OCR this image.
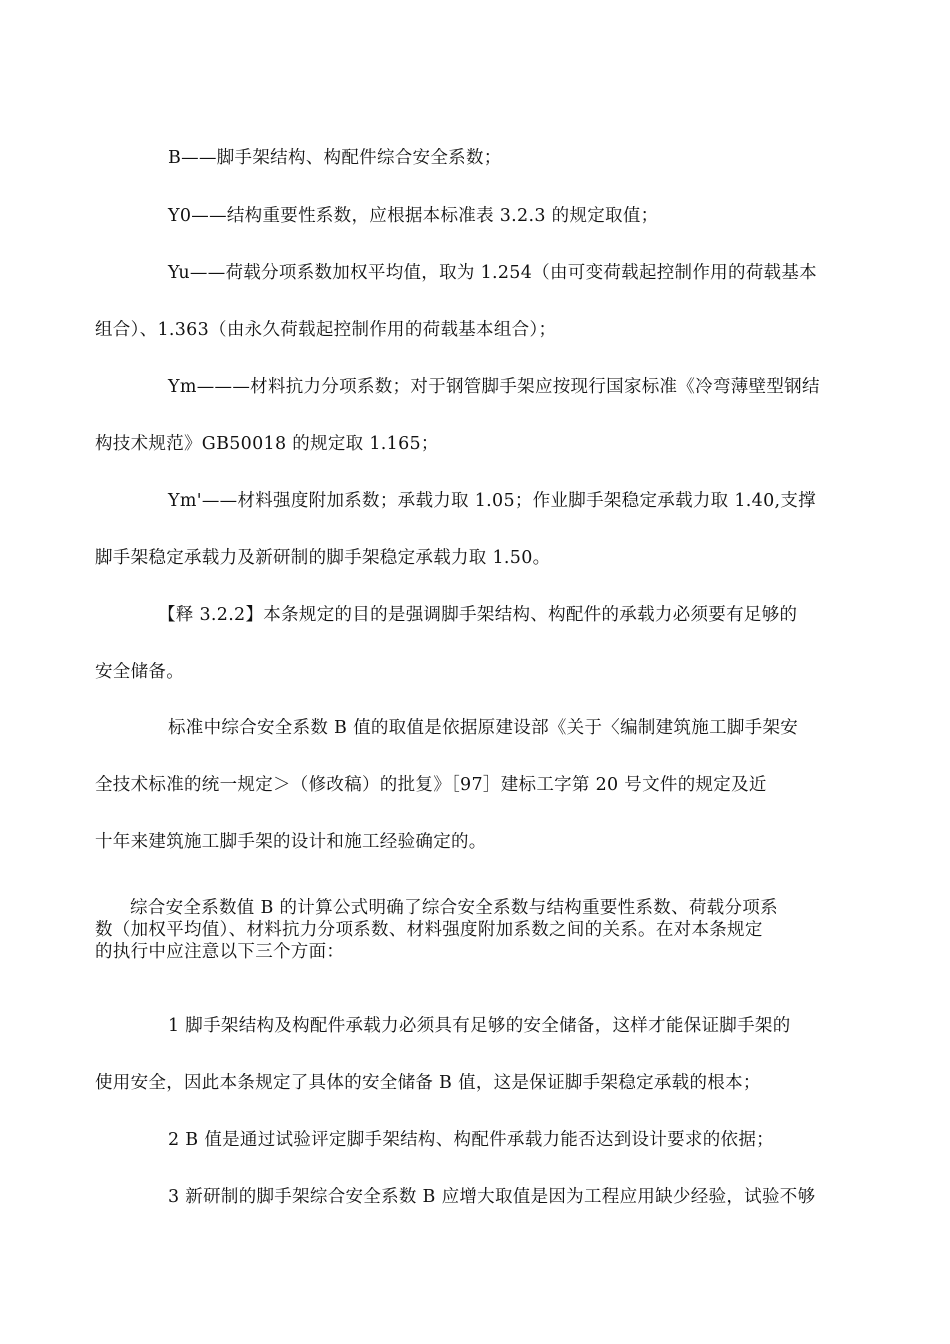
B——脚手架结构、构配件综合安全系数；

Y0——结构重要性系数，应根据本标准表 3.2.3 的规定取值；

Yu——荷载分项系数加权平均值，取为 1.254（由可变荷载起控制作用的荷载基本

组合）、1.363（由永久荷载起控制作用的荷载基本组合）；

Ym———材料抗力分项系数；对于钢管脚手架应按现行国家标准《冷弯薄壁型钢结

构技术规范》GB50018 的规定取 1.165；

Ym'——材料强度附加系数；承载力取 1.05；作业脚手架稳定承载力取 1.40,支撑

脚手架稳定承载力及新研制的脚手架稳定承载力取 1.50。

【释 3.2.2】本条规定的目的是强调脚手架结构、构配件的承载力必须要有足够的

安全储备。

标准中综合安全系数 B 值的取值是依据原建设部《关于〈编制建筑施工脚手架安

全技术标准的统一规定＞（修改稿）的批复》［97］建标工字第 20 号文件的规定及近

十年来建筑施工脚手架的设计和施工经验确定的。

综合安全系数值 B 的计算公式明确了综合安全系数与结构重要性系数、荷载分项系

数（加权平均值）、材料抗力分项系数、材料强度附加系数之间的关系。在对本条规定

的执行中应注意以下三个方面：

1 脚手架结构及构配件承载力必须具有足够的安全储备，这样才能保证脚手架的

使用安全，因此本条规定了具体的安全储备 B 值，这是保证脚手架稳定承载的根本；

2 B 值是通过试验评定脚手架结构、构配件承载力能否达到设计要求的依据；

3 新研制的脚手架综合安全系数 B 应增大取值是因为工程应用缺少经验，试验不够
